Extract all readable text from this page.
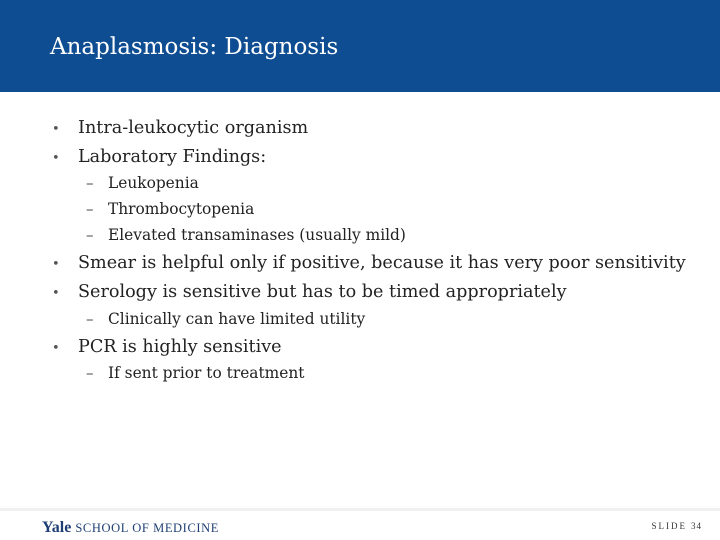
Anaplasmosis: Diagnosis
• Intra-leukocytic organism
• Laboratory Findings:
– Leukopenia
– Thrombocytopenia
– Elevated transaminases (usually mild)
• Smear is helpful only if positive, because it has very poor sensitivity
• Serology is sensitive but has to be timed appropriately
– Clinically can have limited utility
• PCR is highly sensitive
– If sent prior to treatment
Yale SCHOOL OF MEDICINE	SLIDE 34
